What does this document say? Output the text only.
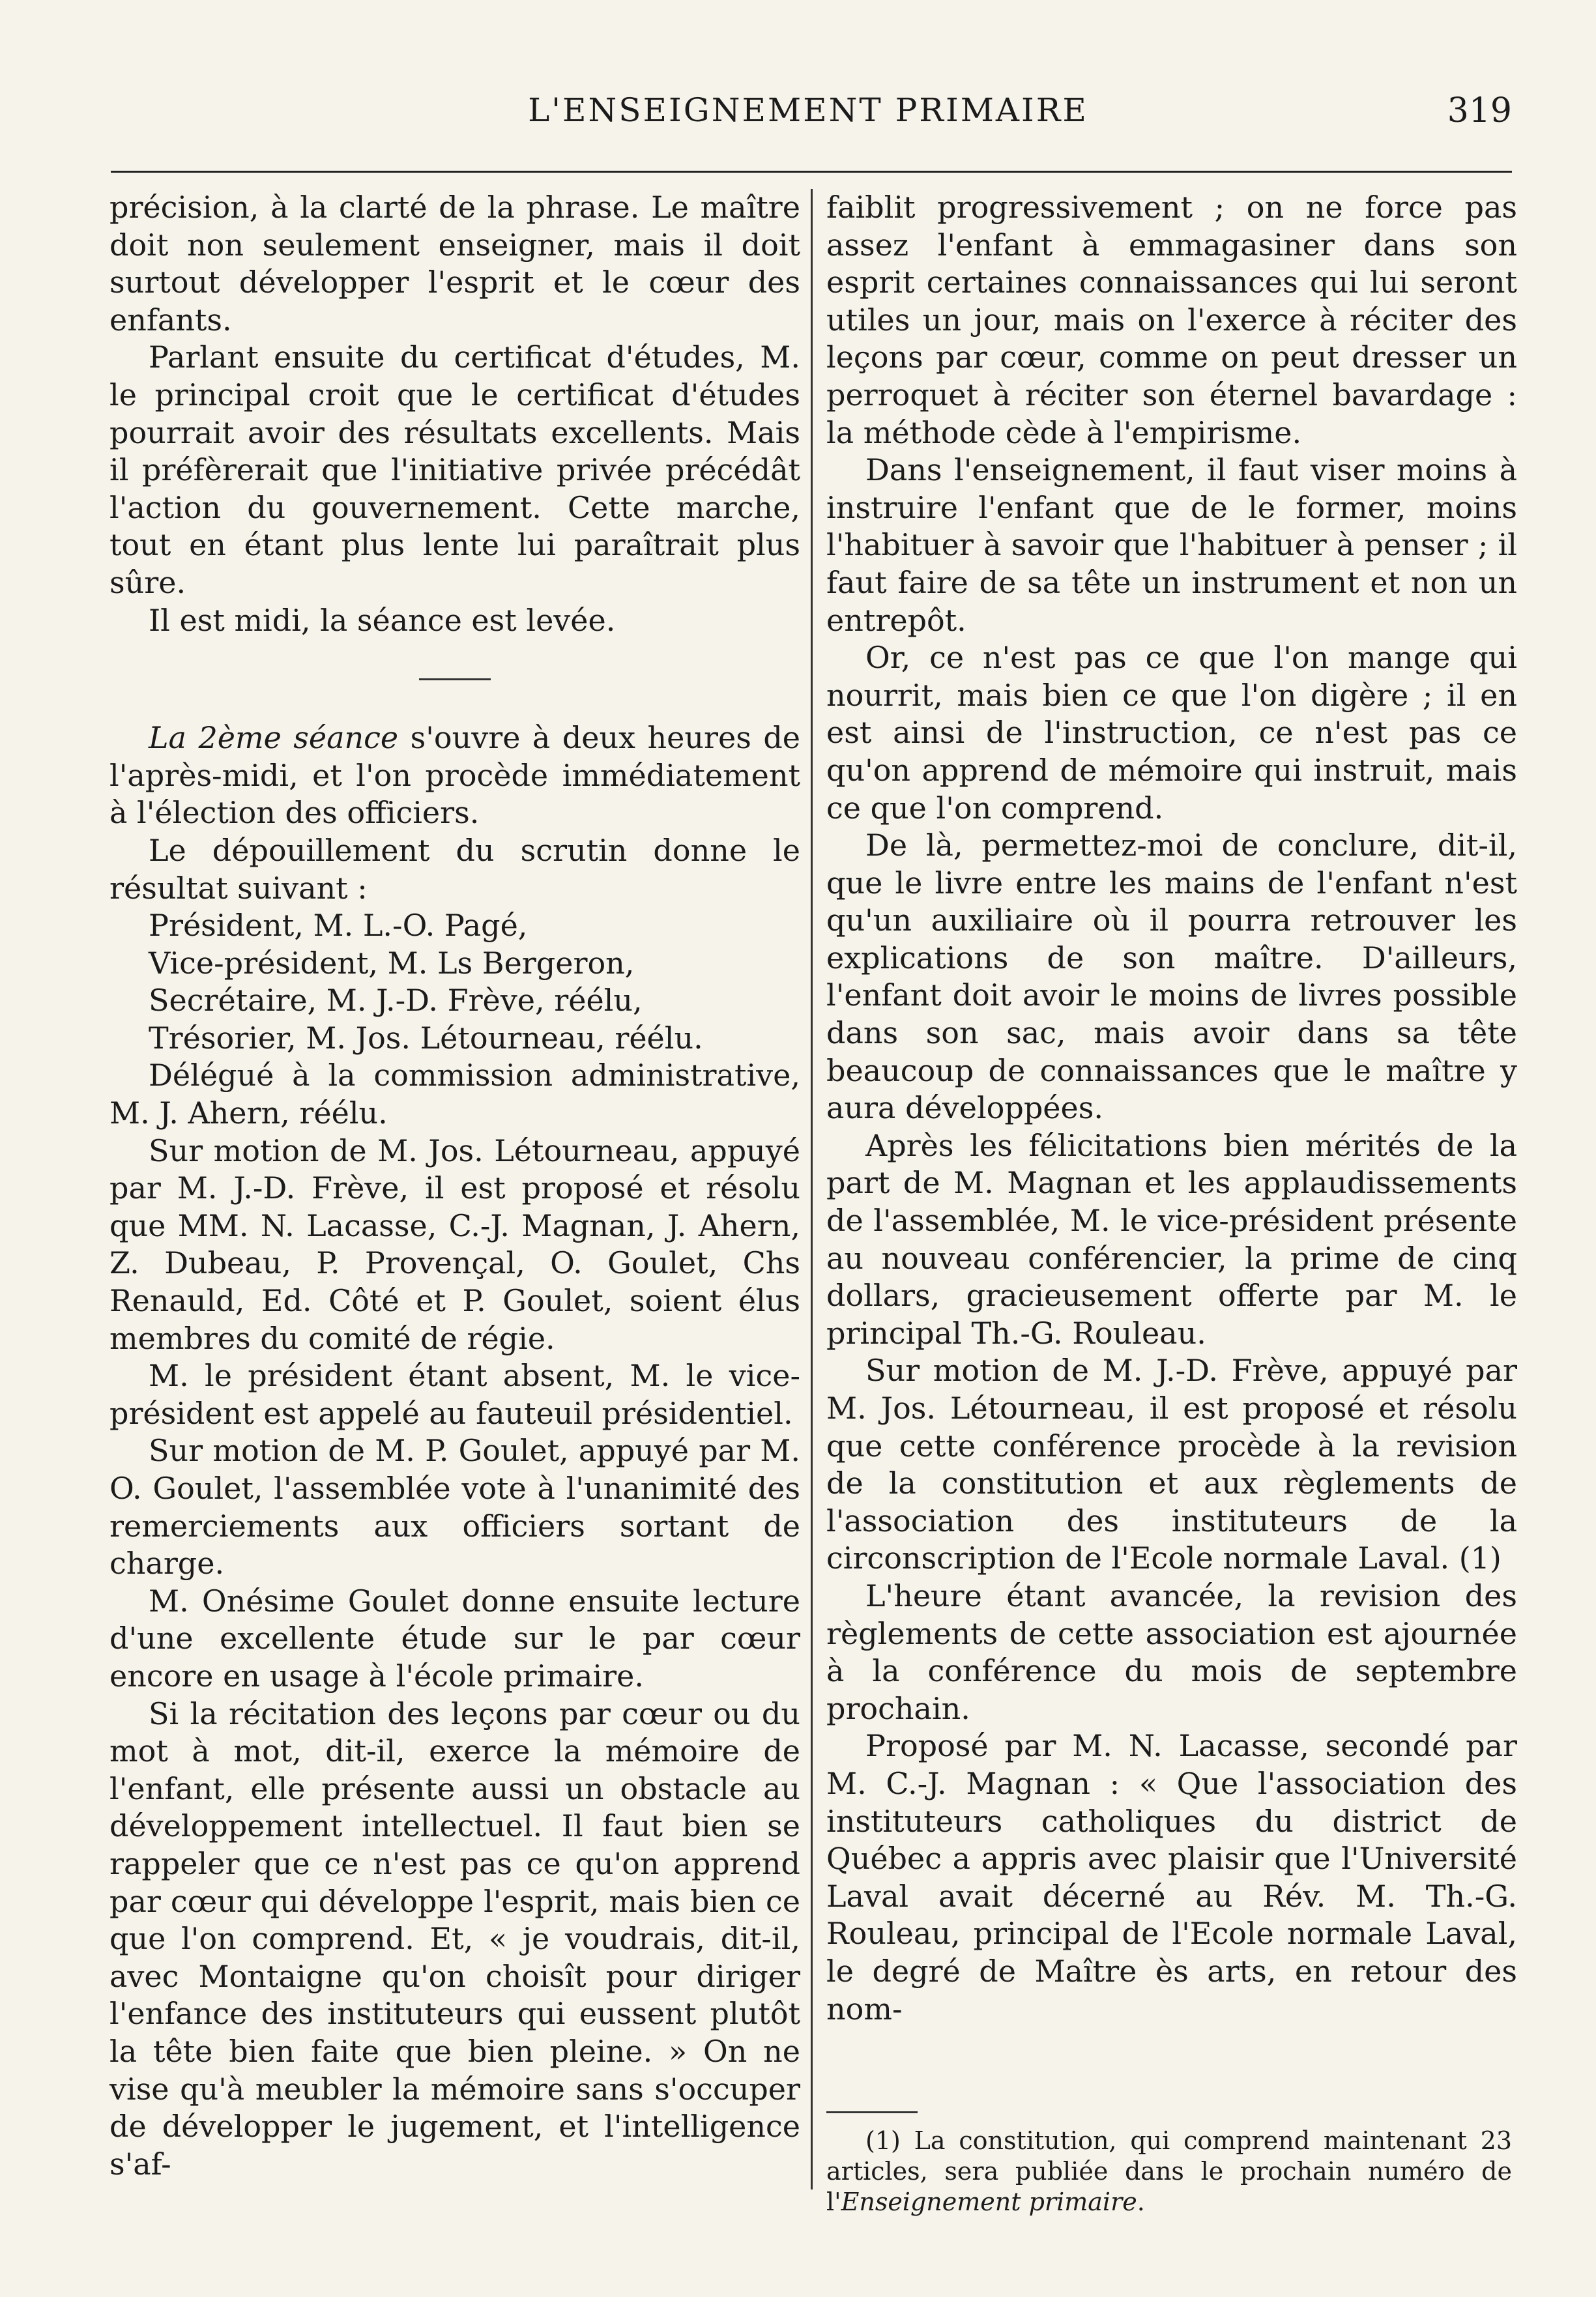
L'ENSEIGNEMENT PRIMAIRE	319

précision, à la clarté de la phrase. Le maître doit non seulement enseigner, mais il doit surtout développer l'esprit et le cœur des enfants.

Parlant ensuite du certificat d'études, M. le principal croit que le certificat d'études pourrait avoir des résultats excellents. Mais il préfèrerait que l'initiative privée précédât l'action du gouvernement. Cette marche, tout en étant plus lente lui paraîtrait plus sûre.

Il est midi, la séance est levée.

La 2ème séance s'ouvre à deux heures de l'après-midi, et l'on procède immédiatement à l'élection des officiers.

Le dépouillement du scrutin donne le résultat suivant :

Président, M. L.-O. Pagé,

Vice-président, M. Ls Bergeron,

Secrétaire, M. J.-D. Frève, réélu,

Trésorier, M. Jos. Létourneau, réélu.

Délégué à la commission administrative, M. J. Ahern, réélu.

Sur motion de M. Jos. Létourneau, appuyé par M. J.-D. Frève, il est proposé et résolu que MM. N. Lacasse, C.-J. Magnan, J. Ahern, Z. Dubeau, P. Provençal, O. Goulet, Chs Renauld, Ed. Côté et P. Goulet, soient élus membres du comité de régie.

M. le président étant absent, M. le vice-président est appelé au fauteuil présidentiel.

Sur motion de M. P. Goulet, appuyé par M. O. Goulet, l'assemblée vote à l'unanimité des remerciements aux officiers sortant de charge.

M. Onésime Goulet donne ensuite lecture d'une excellente étude sur le par cœur encore en usage à l'école primaire.

Si la récitation des leçons par cœur ou du mot à mot, dit-il, exerce la mémoire de l'enfant, elle présente aussi un obstacle au développement intellectuel. Il faut bien se rappeler que ce n'est pas ce qu'on apprend par cœur qui développe l'esprit, mais bien ce que l'on comprend. Et, « je voudrais, dit-il, avec Montaigne qu'on choisît pour diriger l'enfance des instituteurs qui eussent plutôt la tête bien faite que bien pleine. » On ne vise qu'à meubler la mémoire sans s'occuper de développer le jugement, et l'intelligence s'af-

faiblit progressivement ; on ne force pas assez l'enfant à emmagasiner dans son esprit certaines connaissances qui lui seront utiles un jour, mais on l'exerce à réciter des leçons par cœur, comme on peut dresser un perroquet à réciter son éternel bavardage : la méthode cède à l'empirisme.

Dans l'enseignement, il faut viser moins à instruire l'enfant que de le former, moins l'habituer à savoir que l'habituer à penser ; il faut faire de sa tête un instrument et non un entrepôt.

Or, ce n'est pas ce que l'on mange qui nourrit, mais bien ce que l'on digère ; il en est ainsi de l'instruction, ce n'est pas ce qu'on apprend de mémoire qui instruit, mais ce que l'on comprend.

De là, permettez-moi de conclure, dit-il, que le livre entre les mains de l'enfant n'est qu'un auxiliaire où il pourra retrouver les explications de son maître. D'ailleurs, l'enfant doit avoir le moins de livres possible dans son sac, mais avoir dans sa tête beaucoup de connaissances que le maître y aura développées.

Après les félicitations bien mérités de la part de M. Magnan et les applaudissements de l'assemblée, M. le vice-président présente au nouveau conférencier, la prime de cinq dollars, gracieusement offerte par M. le principal Th.-G. Rouleau.

Sur motion de M. J.-D. Frève, appuyé par M. Jos. Létourneau, il est proposé et résolu que cette conférence procède à la revision de la constitution et aux règlements de l'association des instituteurs de la circonscription de l'Ecole normale Laval. (1)

L'heure étant avancée, la revision des règlements de cette association est ajournée à la conférence du mois de septembre prochain.

Proposé par M. N. Lacasse, secondé par M. C.-J. Magnan : « Que l'association des instituteurs catholiques du district de Québec a appris avec plaisir que l'Université Laval avait décerné au Rév. M. Th.-G. Rouleau, principal de l'Ecole normale Laval, le degré de Maître ès arts, en retour des nom-

(1) La constitution, qui comprend maintenant 23 articles, sera publiée dans le prochain numéro de l'Enseignement primaire.
